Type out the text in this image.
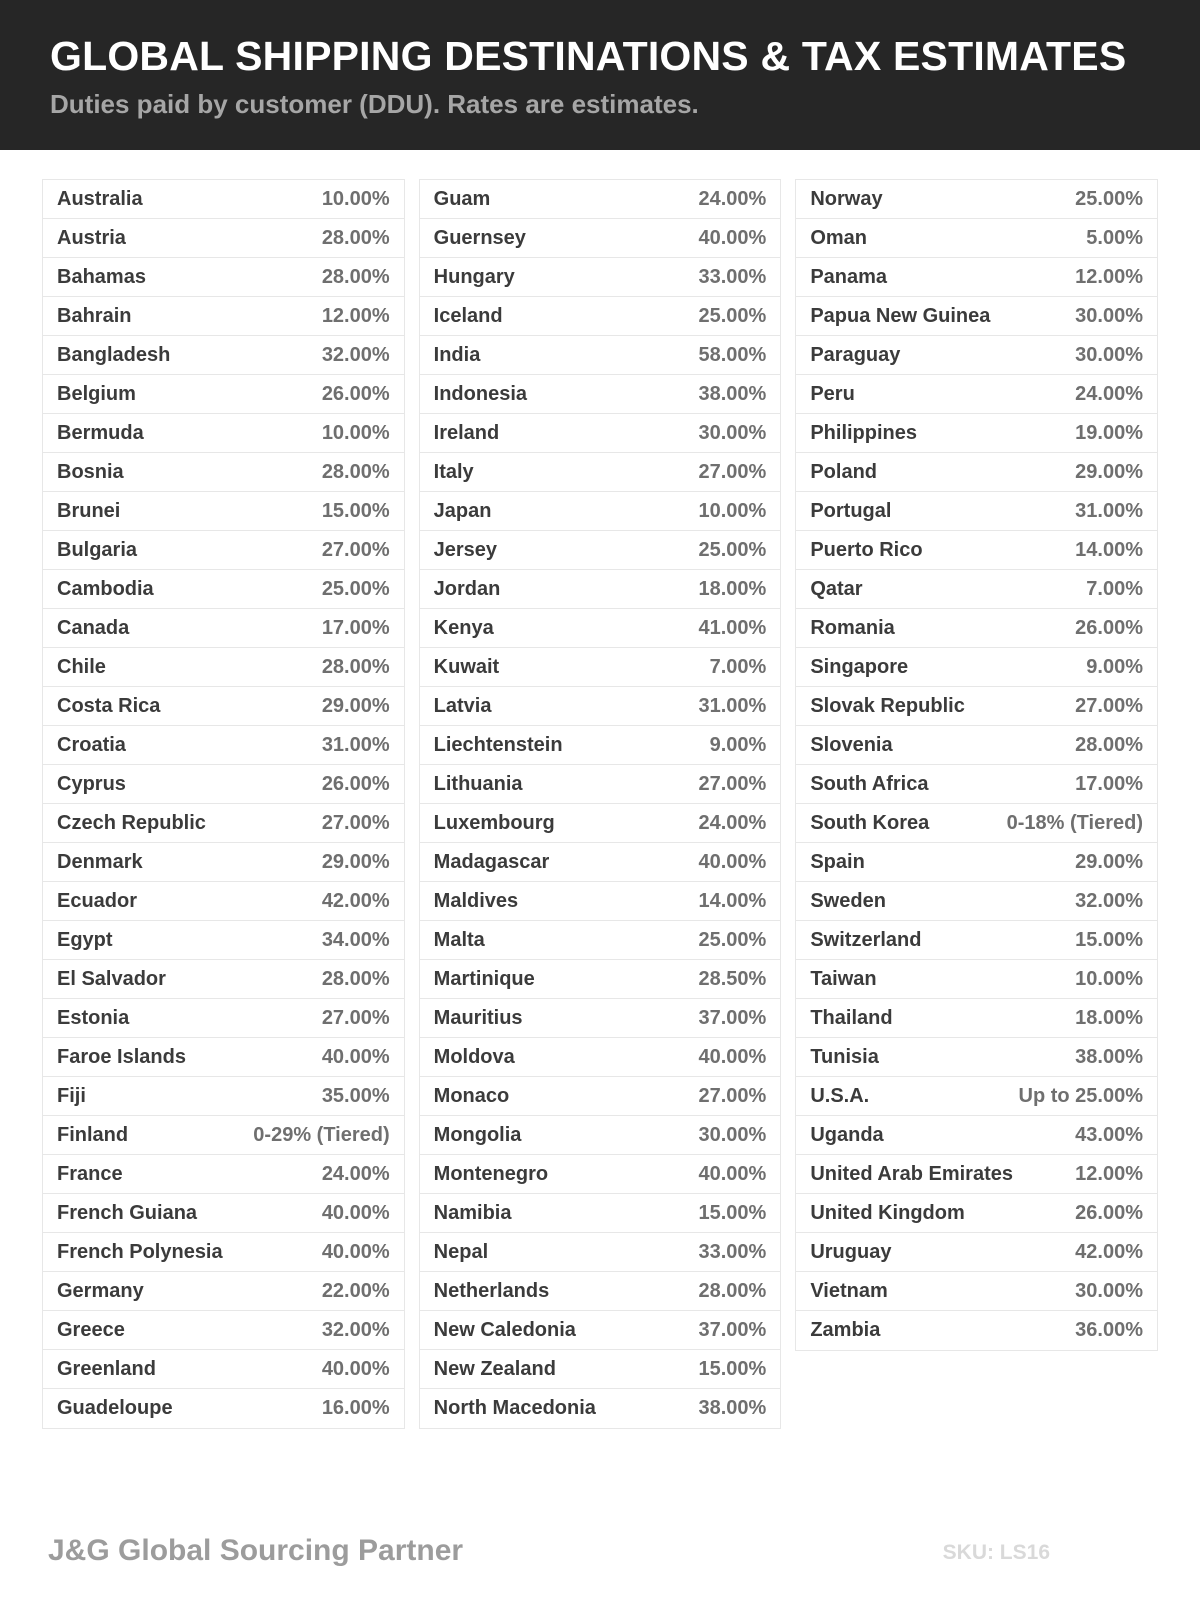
GLOBAL SHIPPING DESTINATIONS & TAX ESTIMATES

Duties paid by customer (DDU). Rates are estimates.

Australia	10.00%
Austria	28.00%
Bahamas	28.00%
Bahrain	12.00%
Bangladesh	32.00%
Belgium	26.00%
Bermuda	10.00%
Bosnia	28.00%
Brunei	15.00%
Bulgaria	27.00%
Cambodia	25.00%
Canada	17.00%
Chile	28.00%
Costa Rica	29.00%
Croatia	31.00%
Cyprus	26.00%
Czech Republic	27.00%
Denmark	29.00%
Ecuador	42.00%
Egypt	34.00%
El Salvador	28.00%
Estonia	27.00%
Faroe Islands	40.00%
Fiji	35.00%
Finland	0-29% (Tiered)
France	24.00%
French Guiana	40.00%
French Polynesia	40.00%
Germany	22.00%
Greece	32.00%
Greenland	40.00%
Guadeloupe	16.00%
Guam	24.00%
Guernsey	40.00%
Hungary	33.00%
Iceland	25.00%
India	58.00%
Indonesia	38.00%
Ireland	30.00%
Italy	27.00%
Japan	10.00%
Jersey	25.00%
Jordan	18.00%
Kenya	41.00%
Kuwait	7.00%
Latvia	31.00%
Liechtenstein	9.00%
Lithuania	27.00%
Luxembourg	24.00%
Madagascar	40.00%
Maldives	14.00%
Malta	25.00%
Martinique	28.50%
Mauritius	37.00%
Moldova	40.00%
Monaco	27.00%
Mongolia	30.00%
Montenegro	40.00%
Namibia	15.00%
Nepal	33.00%
Netherlands	28.00%
New Caledonia	37.00%
New Zealand	15.00%
North Macedonia	38.00%
Norway	25.00%
Oman	5.00%
Panama	12.00%
Papua New Guinea	30.00%
Paraguay	30.00%
Peru	24.00%
Philippines	19.00%
Poland	29.00%
Portugal	31.00%
Puerto Rico	14.00%
Qatar	7.00%
Romania	26.00%
Singapore	9.00%
Slovak Republic	27.00%
Slovenia	28.00%
South Africa	17.00%
South Korea	0-18% (Tiered)
Spain	29.00%
Sweden	32.00%
Switzerland	15.00%
Taiwan	10.00%
Thailand	18.00%
Tunisia	38.00%
U.S.A.	Up to 25.00%
Uganda	43.00%
United Arab Emirates	12.00%
United Kingdom	26.00%
Uruguay	42.00%
Vietnam	30.00%
Zambia	36.00%
J&G Global Sourcing Partner	SKU: LS16
